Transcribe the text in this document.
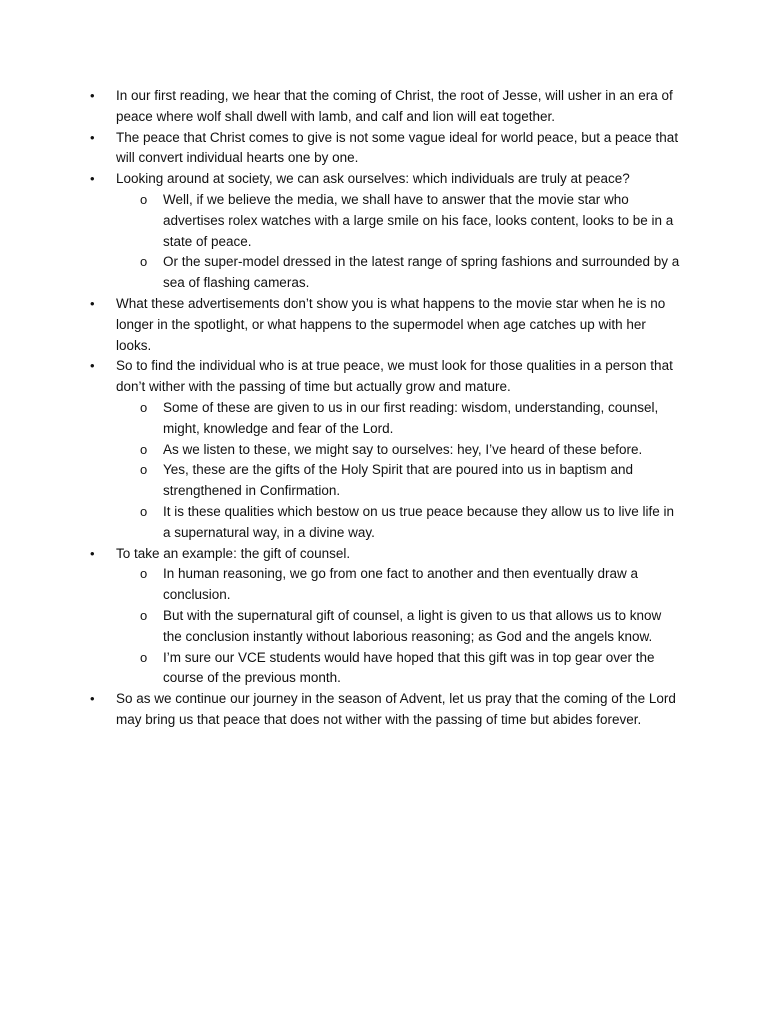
• In our first reading, we hear that the coming of Christ, the root of Jesse, will usher in an era of peace where wolf shall dwell with lamb, and calf and lion will eat together.
• The peace that Christ comes to give is not some vague ideal for world peace, but a peace that will convert individual hearts one by one.
• Looking around at society, we can ask ourselves: which individuals are truly at peace?
o Well, if we believe the media, we shall have to answer that the movie star who advertises rolex watches with a large smile on his face, looks content, looks to be in a state of peace.
o Or the super-model dressed in the latest range of spring fashions and surrounded by a sea of flashing cameras.
• What these advertisements don’t show you is what happens to the movie star when he is no longer in the spotlight, or what happens to the supermodel when age catches up with her looks.
• So to find the individual who is at true peace, we must look for those qualities in a person that don’t wither with the passing of time but actually grow and mature.
o Some of these are given to us in our first reading: wisdom, understanding, counsel, might, knowledge and fear of the Lord.
o As we listen to these, we might say to ourselves: hey, I’ve heard of these before.
o Yes, these are the gifts of the Holy Spirit that are poured into us in baptism and strengthened in Confirmation.
o It is these qualities which bestow on us true peace because they allow us to live life in a supernatural way, in a divine way.
• To take an example: the gift of counsel.
o In human reasoning, we go from one fact to another and then eventually draw a conclusion.
o But with the supernatural gift of counsel, a light is given to us that allows us to know the conclusion instantly without laborious reasoning; as God and the angels know.
o I’m sure our VCE students would have hoped that this gift was in top gear over the course of the previous month.
• So as we continue our journey in the season of Advent, let us pray that the coming of the Lord may bring us that peace that does not wither with the passing of time but abides forever.
